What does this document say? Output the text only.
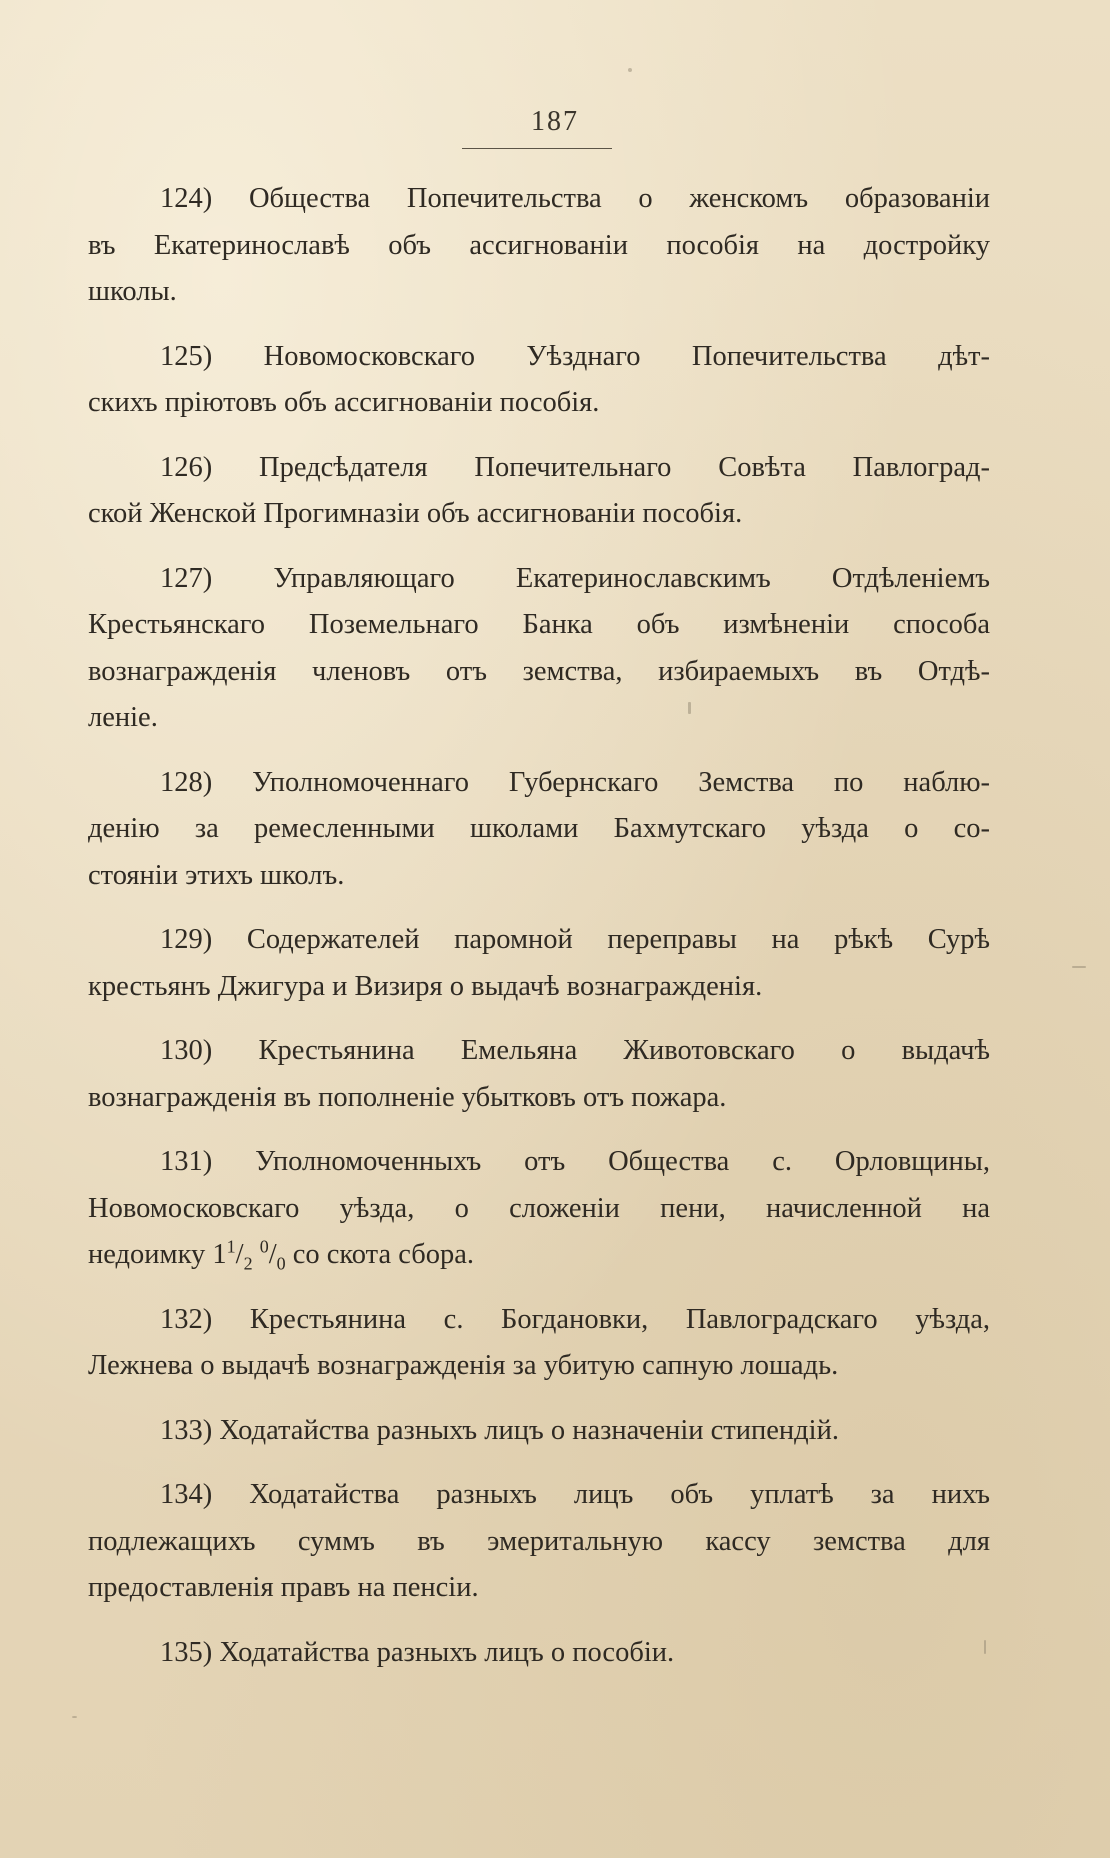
187
124) Общества Попечительства о женскомъ образованіи
въ Екатеринославѣ объ ассигнованіи пособія на достройку
школы.
125) Новомосковскаго Уѣзднаго Попечительства дѣт-
скихъ пріютовъ объ ассигнованіи пособія.
126) Предсѣдателя Попечительнаго Совѣта Павлоград-
ской Женской Прогимназіи объ ассигнованіи пособія.
127) Управляющаго Екатеринославскимъ Отдѣленіемъ
Крестьянскаго Поземельнаго Банка объ измѣненіи способа
вознагражденія членовъ отъ земства, избираемыхъ въ Отдѣ-
леніе.
128) Уполномоченнаго Губернскаго Земства по наблю-
денію за ремесленными школами Бахмутскаго уѣзда о со-
стояніи этихъ школъ.
129) Содержателей паромной переправы на рѣкѣ Сурѣ
крестьянъ Джигура и Визиря о выдачѣ вознагражденія.
130) Крестьянина Емельяна Животовскаго о выдачѣ
вознагражденія въ пополненіе убытковъ отъ пожара.
131) Уполномоченныхъ отъ Общества с. Орловщины,
Новомосковскаго уѣзда, о сложеніи пени, начисленной на
недоимку $1^1/_2$ $^0/_0$ со скота сбора.
132) Крестьянина с. Богдановки, Павлоградскаго уѣзда,
Лежнева о выдачѣ вознагражденія за убитую сапную лошадь.
133) Ходатайства разныхъ лицъ о назначеніи стипендій.
134) Ходатайства разныхъ лицъ объ уплатѣ за нихъ
подлежащихъ суммъ въ эмеритальную кассу земства для
предоставленія правъ на пенсіи.
135) Ходатайства разныхъ лицъ о пособіи.
